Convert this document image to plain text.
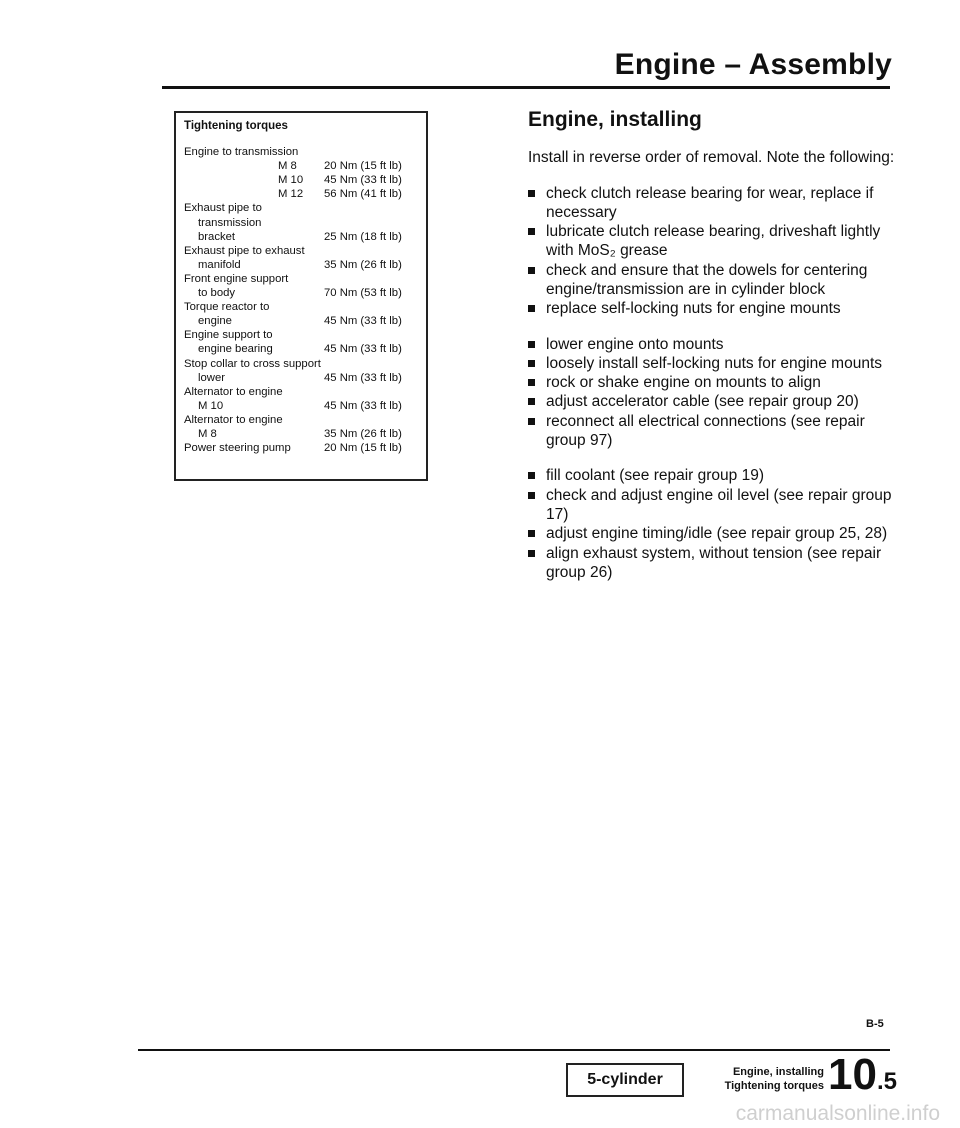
Engine – Assembly
Tightening torques
Engine to transmission
M 8	20 Nm (15 ft lb)
M 10	45 Nm (33 ft lb)
M 12	56 Nm (41 ft lb)
Exhaust pipe to
transmission
bracket	25 Nm (18 ft lb)
Exhaust pipe to exhaust
manifold	35 Nm (26 ft lb)
Front engine support
to body	70 Nm (53 ft lb)
Torque reactor to
engine	45 Nm (33 ft lb)
Engine support to
engine bearing	45 Nm (33 ft lb)
Stop collar to cross support
lower	45 Nm (33 ft lb)
Alternator to engine
M 10	45 Nm (33 ft lb)
Alternator to engine
M 8	35 Nm (26 ft lb)
Power steering pump	20 Nm (15 ft lb)
Engine, installing

Install in reverse order of removal. Note the following:

check clutch release bearing for wear, replace if necessary
lubricate clutch release bearing, driveshaft lightly with MoS₂ grease
check and ensure that the dowels for centering engine/transmission are in cylinder block
replace self-locking nuts for engine mounts
lower engine onto mounts
loosely install self-locking nuts for engine mounts
rock or shake engine on mounts to align
adjust accelerator cable (see repair group 20)
reconnect all electrical connections (see repair group 97)
fill coolant (see repair group 19)
check and adjust engine oil level (see repair group 17)
adjust engine timing/idle (see repair group 25, 28)
align exhaust system, without tension (see repair group 26)
B-5
5-cylinder	Engine, installing
Tightening torques 10.5
carmanualsonline.info
